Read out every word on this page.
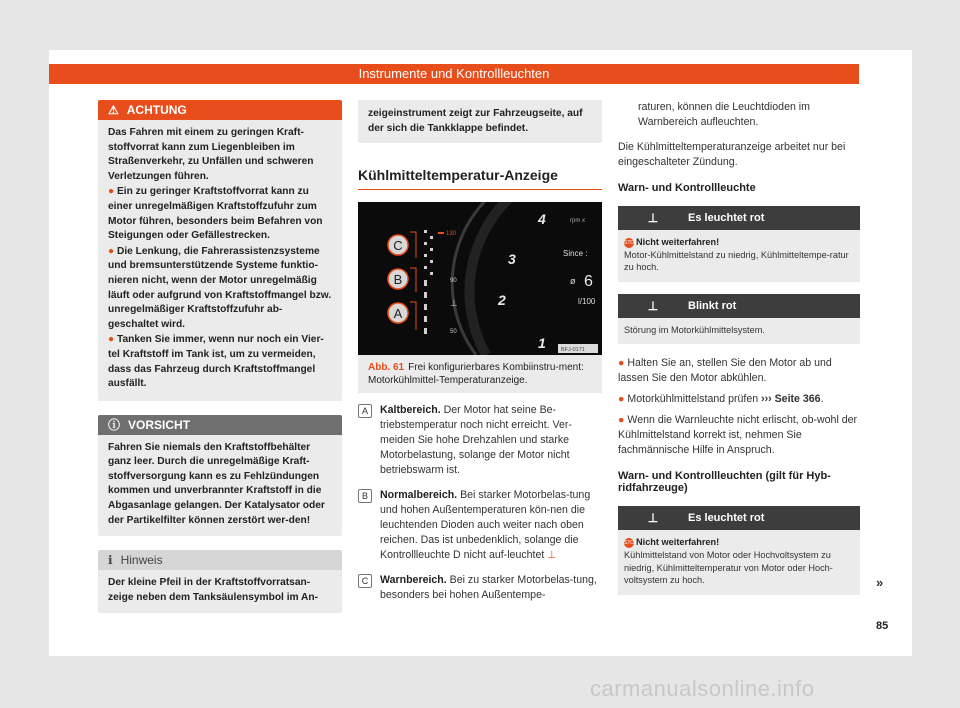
Instrumente und Kontrollleuchten
⚠ ACHTUNG

Das Fahren mit einem zu geringen Kraft-stoffvorrat kann zum Liegenbleiben im Straßenverkehr, zu Unfällen und schweren Verletzungen führen.

● Ein zu geringer Kraftstoffvorrat kann zu einer unregelmäßigen Kraftstoffzufuhr zum Motor führen, besonders beim Befahren von Steigungen oder Gefällestrecken.

● Die Lenkung, die Fahrerassistenzsysteme und bremsunterstützende Systeme funktio-nieren nicht, wenn der Motor unregelmäßig läuft oder aufgrund von Kraftstoffmangel bzw. unregelmäßiger Kraftstoffzufuhr ab-geschaltet wird.

● Tanken Sie immer, wenn nur noch ein Vier-tel Kraftstoff im Tank ist, um zu vermeiden, dass das Fahrzeug durch Kraftstoffmangel ausfällt.

ⓘ VORSICHT
Fahren Sie niemals den Kraftstoffbehälter ganz leer. Durch die unregelmäßige Kraft-stoffversorgung kann es zu Fehlzündungen kommen und unverbrannter Kraftstoff in die Abgasanlage gelangen. Der Katalysator oder der Partikelfilter können zerstört wer-den!
ℹ Hinweis
Der kleine Pfeil in der Kraftstoffvorratsan-zeige neben dem Tanksäulensymbol im An-
zeigeinstrument zeigt zur Fahrzeugseite, auf der sich die Tankklappe befindet.
Kühlmitteltemperatur-Anzeige
C
B
A
130
90
50
⊥
4
3
2
1
rpm x
Since :
ø 6
l/100
BFJ-0171
Abb. 61 Frei konfigurierbares Kombiinstru-ment: Motorkühlmittel-Temperaturanzeige.
A	Kaltbereich. Der Motor hat seine Be-triebstemperatur noch nicht erreicht. Ver-meiden Sie hohe Drehzahlen und starke Motorbelastung, solange der Motor nicht betriebswarm ist.
B	Normalbereich. Bei starker Motorbelas-tung und hohen Außentemperaturen kön-nen die leuchtenden Dioden auch weiter nach oben reichen. Das ist unbedenklich, solange die Kontrollleuchte D nicht auf-leuchtet ⊥
C	Warnbereich. Bei zu starker Motorbelas-tung, besonders bei hohen Außentempe-
raturen, können die Leuchtdioden im Warnbereich aufleuchten.
Die Kühlmitteltemperaturanzeige arbeitet nur bei eingeschalteter Zündung.
Warn- und Kontrollleuchte
⊥	Es leuchtet rot
STOPNicht weiterfahren!
Motor-Kühlmittelstand zu niedrig, Kühlmitteltempe-ratur zu hoch.
⊥	Blinkt rot
Störung im Motorkühlmittelsystem.
● Halten Sie an, stellen Sie den Motor ab und lassen Sie den Motor abkühlen.
● Motorkühlmittelstand prüfen ››› Seite 366.
● Wenn die Warnleuchte nicht erlischt, ob-wohl der Kühlmittelstand korrekt ist, nehmen Sie fachmännische Hilfe in Anspruch.
Warn- und Kontrollleuchten (gilt für Hyb-ridfahrzeuge)
⊥	Es leuchtet rot
STOPNicht weiterfahren!
Kühlmittelstand von Motor oder Hochvoltsystem zu niedrig, Kühlmitteltemperatur von Motor oder Hoch-voltsystem zu hoch.	»
85
carmanualsonline.info
